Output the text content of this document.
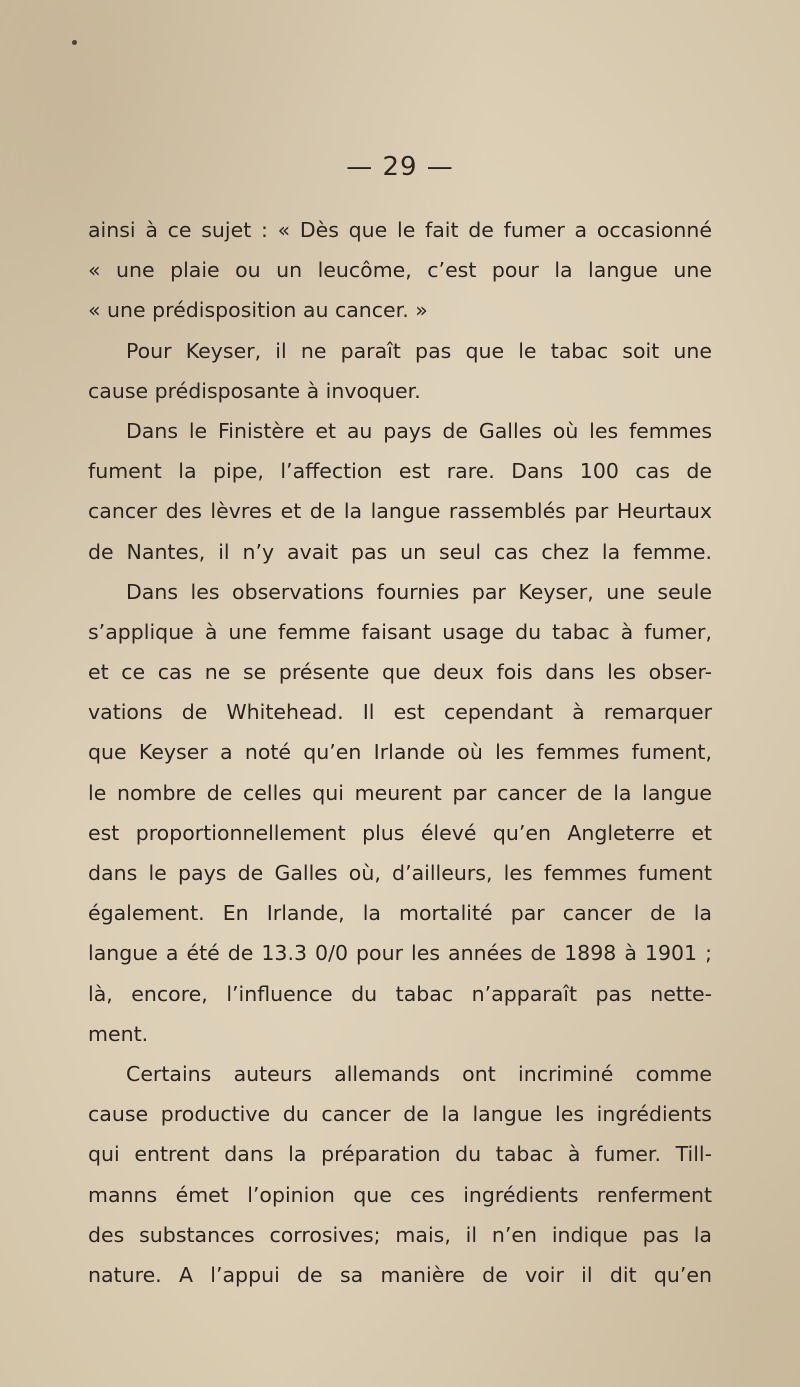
— 29 —
ainsi à ce sujet : « Dès que le fait de fumer a occasionné
« une plaie ou un leucôme, c’est pour la langue une
« une prédisposition au cancer. »
Pour Keyser, il ne paraît pas que le tabac soit une
cause prédisposante à invoquer.
Dans le Finistère et au pays de Galles où les femmes
fument la pipe, l’affection est rare. Dans 100 cas de
cancer des lèvres et de la langue rassemblés par Heurtaux
de Nantes, il n’y avait pas un seul cas chez la femme.
Dans les observations fournies par Keyser, une seule
s’applique à une femme faisant usage du tabac à fumer,
et ce cas ne se présente que deux fois dans les obser-
vations de Whitehead. Il est cependant à remarquer
que Keyser a noté qu’en Irlande où les femmes fument,
le nombre de celles qui meurent par cancer de la langue
est proportionnellement plus élevé qu’en Angleterre et
dans le pays de Galles où, d’ailleurs, les femmes fument
également. En Irlande, la mortalité par cancer de la
langue a été de 13.3 0/0 pour les années de 1898 à 1901 ;
là, encore, l’influence du tabac n’apparaît pas nette-
ment.
Certains auteurs allemands ont incriminé comme
cause productive du cancer de la langue les ingrédients
qui entrent dans la préparation du tabac à fumer. Till-
manns émet l’opinion que ces ingrédients renferment
des substances corrosives; mais, il n’en indique pas la
nature. A l’appui de sa manière de voir il dit qu’en
